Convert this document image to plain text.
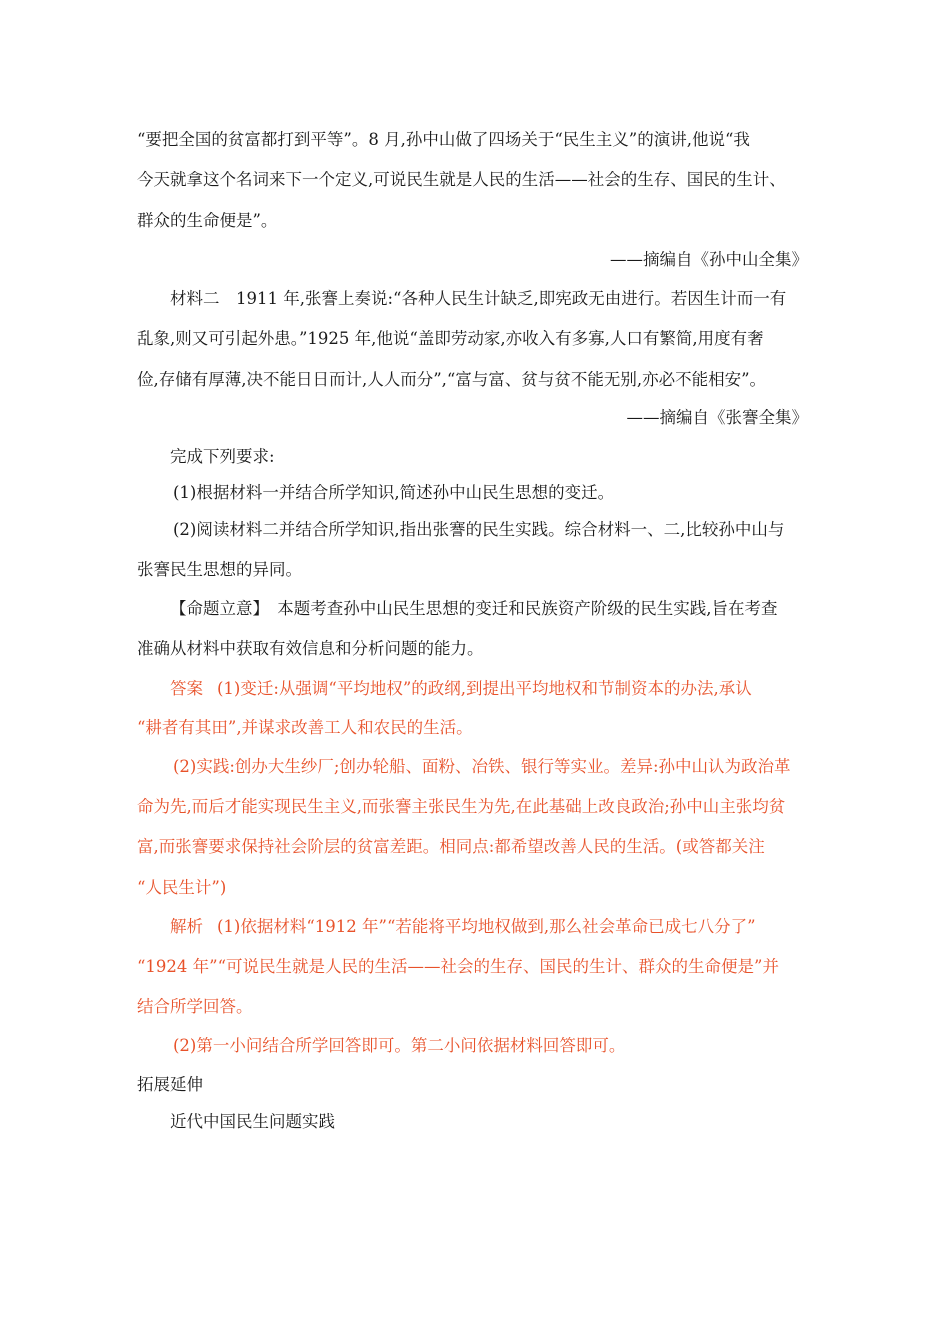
“要把全国的贫富都打到平等”。8 月,孙中山做了四场关于“民生主义”的演讲,他说“我
今天就拿这个名词来下一个定义,可说民生就是人民的生活——社会的生存、国民的生计、
群众的生命便是”。
——摘编自《孙中山全集》
材料二　1911 年,张謇上奏说:“各种人民生计缺乏,即宪政无由进行。若因生计而一有
乱象,则又可引起外患。”1925 年,他说“盖即劳动家,亦收入有多寡,人口有繁简,用度有奢
俭,存储有厚薄,决不能日日而计,人人而分”,“富与富、贫与贫不能无别,亦必不能相安”。
——摘编自《张謇全集》
完成下列要求:
(1)根据材料一并结合所学知识,简述孙中山民生思想的变迁。
(2)阅读材料二并结合所学知识,指出张謇的民生实践。综合材料一、二,比较孙中山与
张謇民生思想的异同。
【命题立意】　本题考查孙中山民生思想的变迁和民族资产阶级的民生实践,旨在考查
准确从材料中获取有效信息和分析问题的能力。
答案 (1)变迁:从强调“平均地权”的政纲,到提出平均地权和节制资本的办法,承认
“耕者有其田”,并谋求改善工人和农民的生活。
(2)实践:创办大生纱厂;创办轮船、面粉、冶铁、银行等实业。差异:孙中山认为政治革
命为先,而后才能实现民生主义,而张謇主张民生为先,在此基础上改良政治;孙中山主张均贫
富,而张謇要求保持社会阶层的贫富差距。相同点:都希望改善人民的生活。(或答都关注
“人民生计”)
解析 (1)依据材料“1912 年”“若能将平均地权做到,那么社会革命已成七八分了”
“1924 年”“可说民生就是人民的生活——社会的生存、国民的生计、群众的生命便是”并
结合所学回答。
(2)第一小问结合所学回答即可。第二小问依据材料回答即可。
拓展延伸
近代中国民生问题实践
